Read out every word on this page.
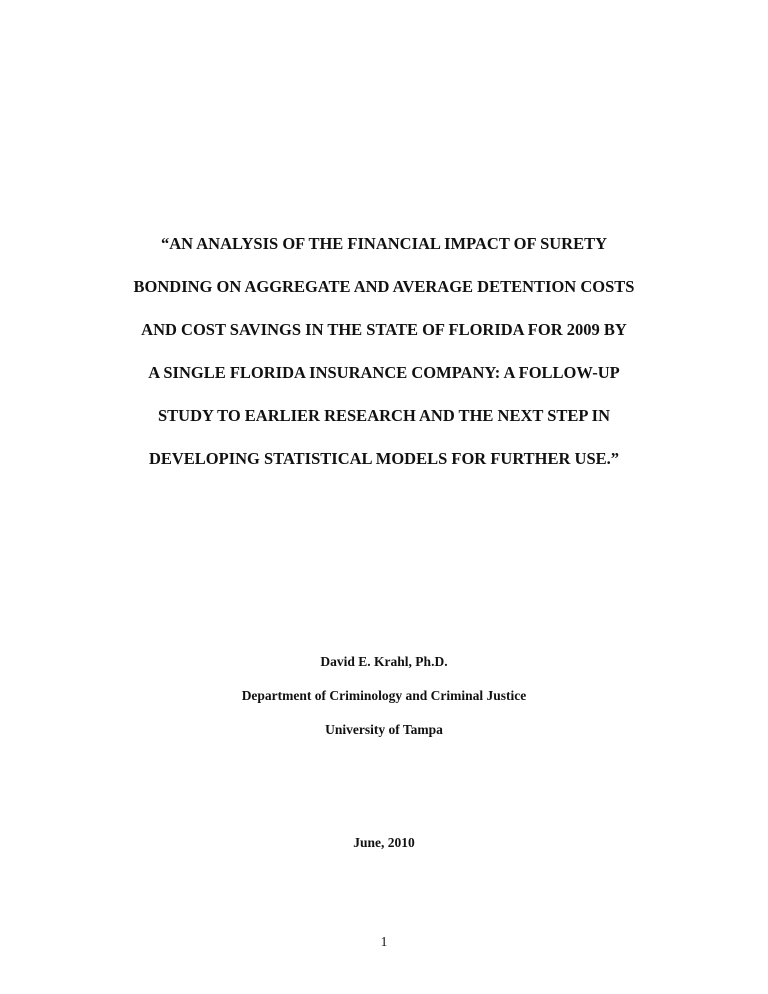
“AN ANALYSIS OF THE FINANCIAL IMPACT OF SURETY
BONDING ON AGGREGATE AND AVERAGE DETENTION COSTS
AND COST SAVINGS IN THE STATE OF FLORIDA FOR 2009 BY
A SINGLE FLORIDA INSURANCE COMPANY: A FOLLOW-UP
STUDY TO EARLIER RESEARCH AND THE NEXT STEP IN
DEVELOPING STATISTICAL MODELS FOR FURTHER USE.”
David E. Krahl, Ph.D.
Department of Criminology and Criminal Justice
University of Tampa
June, 2010
1
